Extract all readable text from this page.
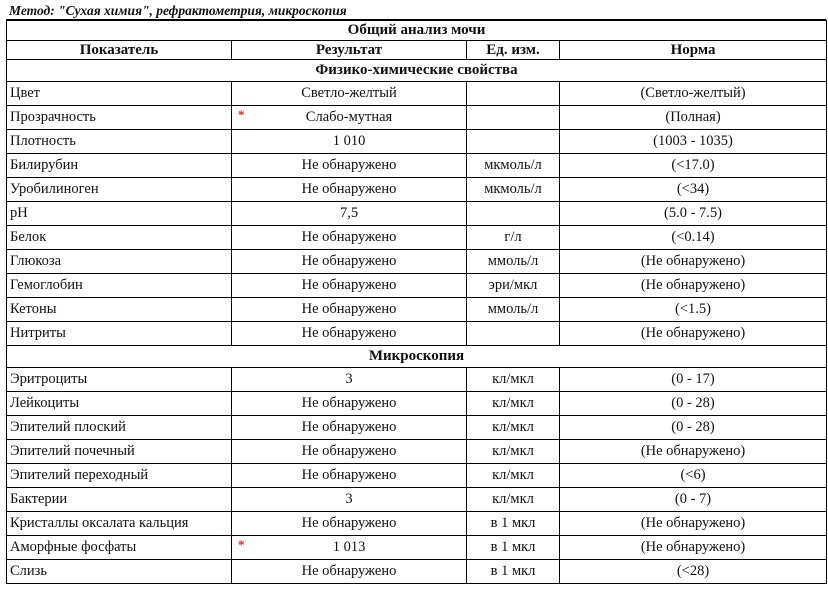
Метод: "Сухая химия", рефрактометрия, микроскопия
Общий анализ мочи			
Показатель	Результат	Ед. изм.	Норма
Физико-химические свойства			
Цвет	Светло-желтый		(Светло-желтый)
Прозрачность	* Слабо-мутная		(Полная)
Плотность	1 010		(1003 - 1035)
Билирубин	Не обнаружено	мкмоль/л	(<17.0)
Уробилиноген	Не обнаружено	мкмоль/л	(<34)
pH	7,5		(5.0 - 7.5)
Белок	Не обнаружено	г/л	(<0.14)
Глюкоза	Не обнаружено	ммоль/л	(Не обнаружено)
Гемоглобин	Не обнаружено	эри/мкл	(Не обнаружено)
Кетоны	Не обнаружено	ммоль/л	(<1.5)
Нитриты	Не обнаружено		(Не обнаружено)
Микроскопия			
Эритроциты	3	кл/мкл	(0 - 17)
Лейкоциты	Не обнаружено	кл/мкл	(0 - 28)
Эпителий плоский	Не обнаружено	кл/мкл	(0 - 28)
Эпителий почечный	Не обнаружено	кл/мкл	(Не обнаружено)
Эпителий переходный	Не обнаружено	кл/мкл	(<6)
Бактерии	3	кл/мкл	(0 - 7)
Кристаллы оксалата кальция	Не обнаружено	в 1 мкл	(Не обнаружено)
Аморфные фосфаты	* 1 013	в 1 мкл	(Не обнаружено)
Слизь	Не обнаружено	в 1 мкл	(<28)
